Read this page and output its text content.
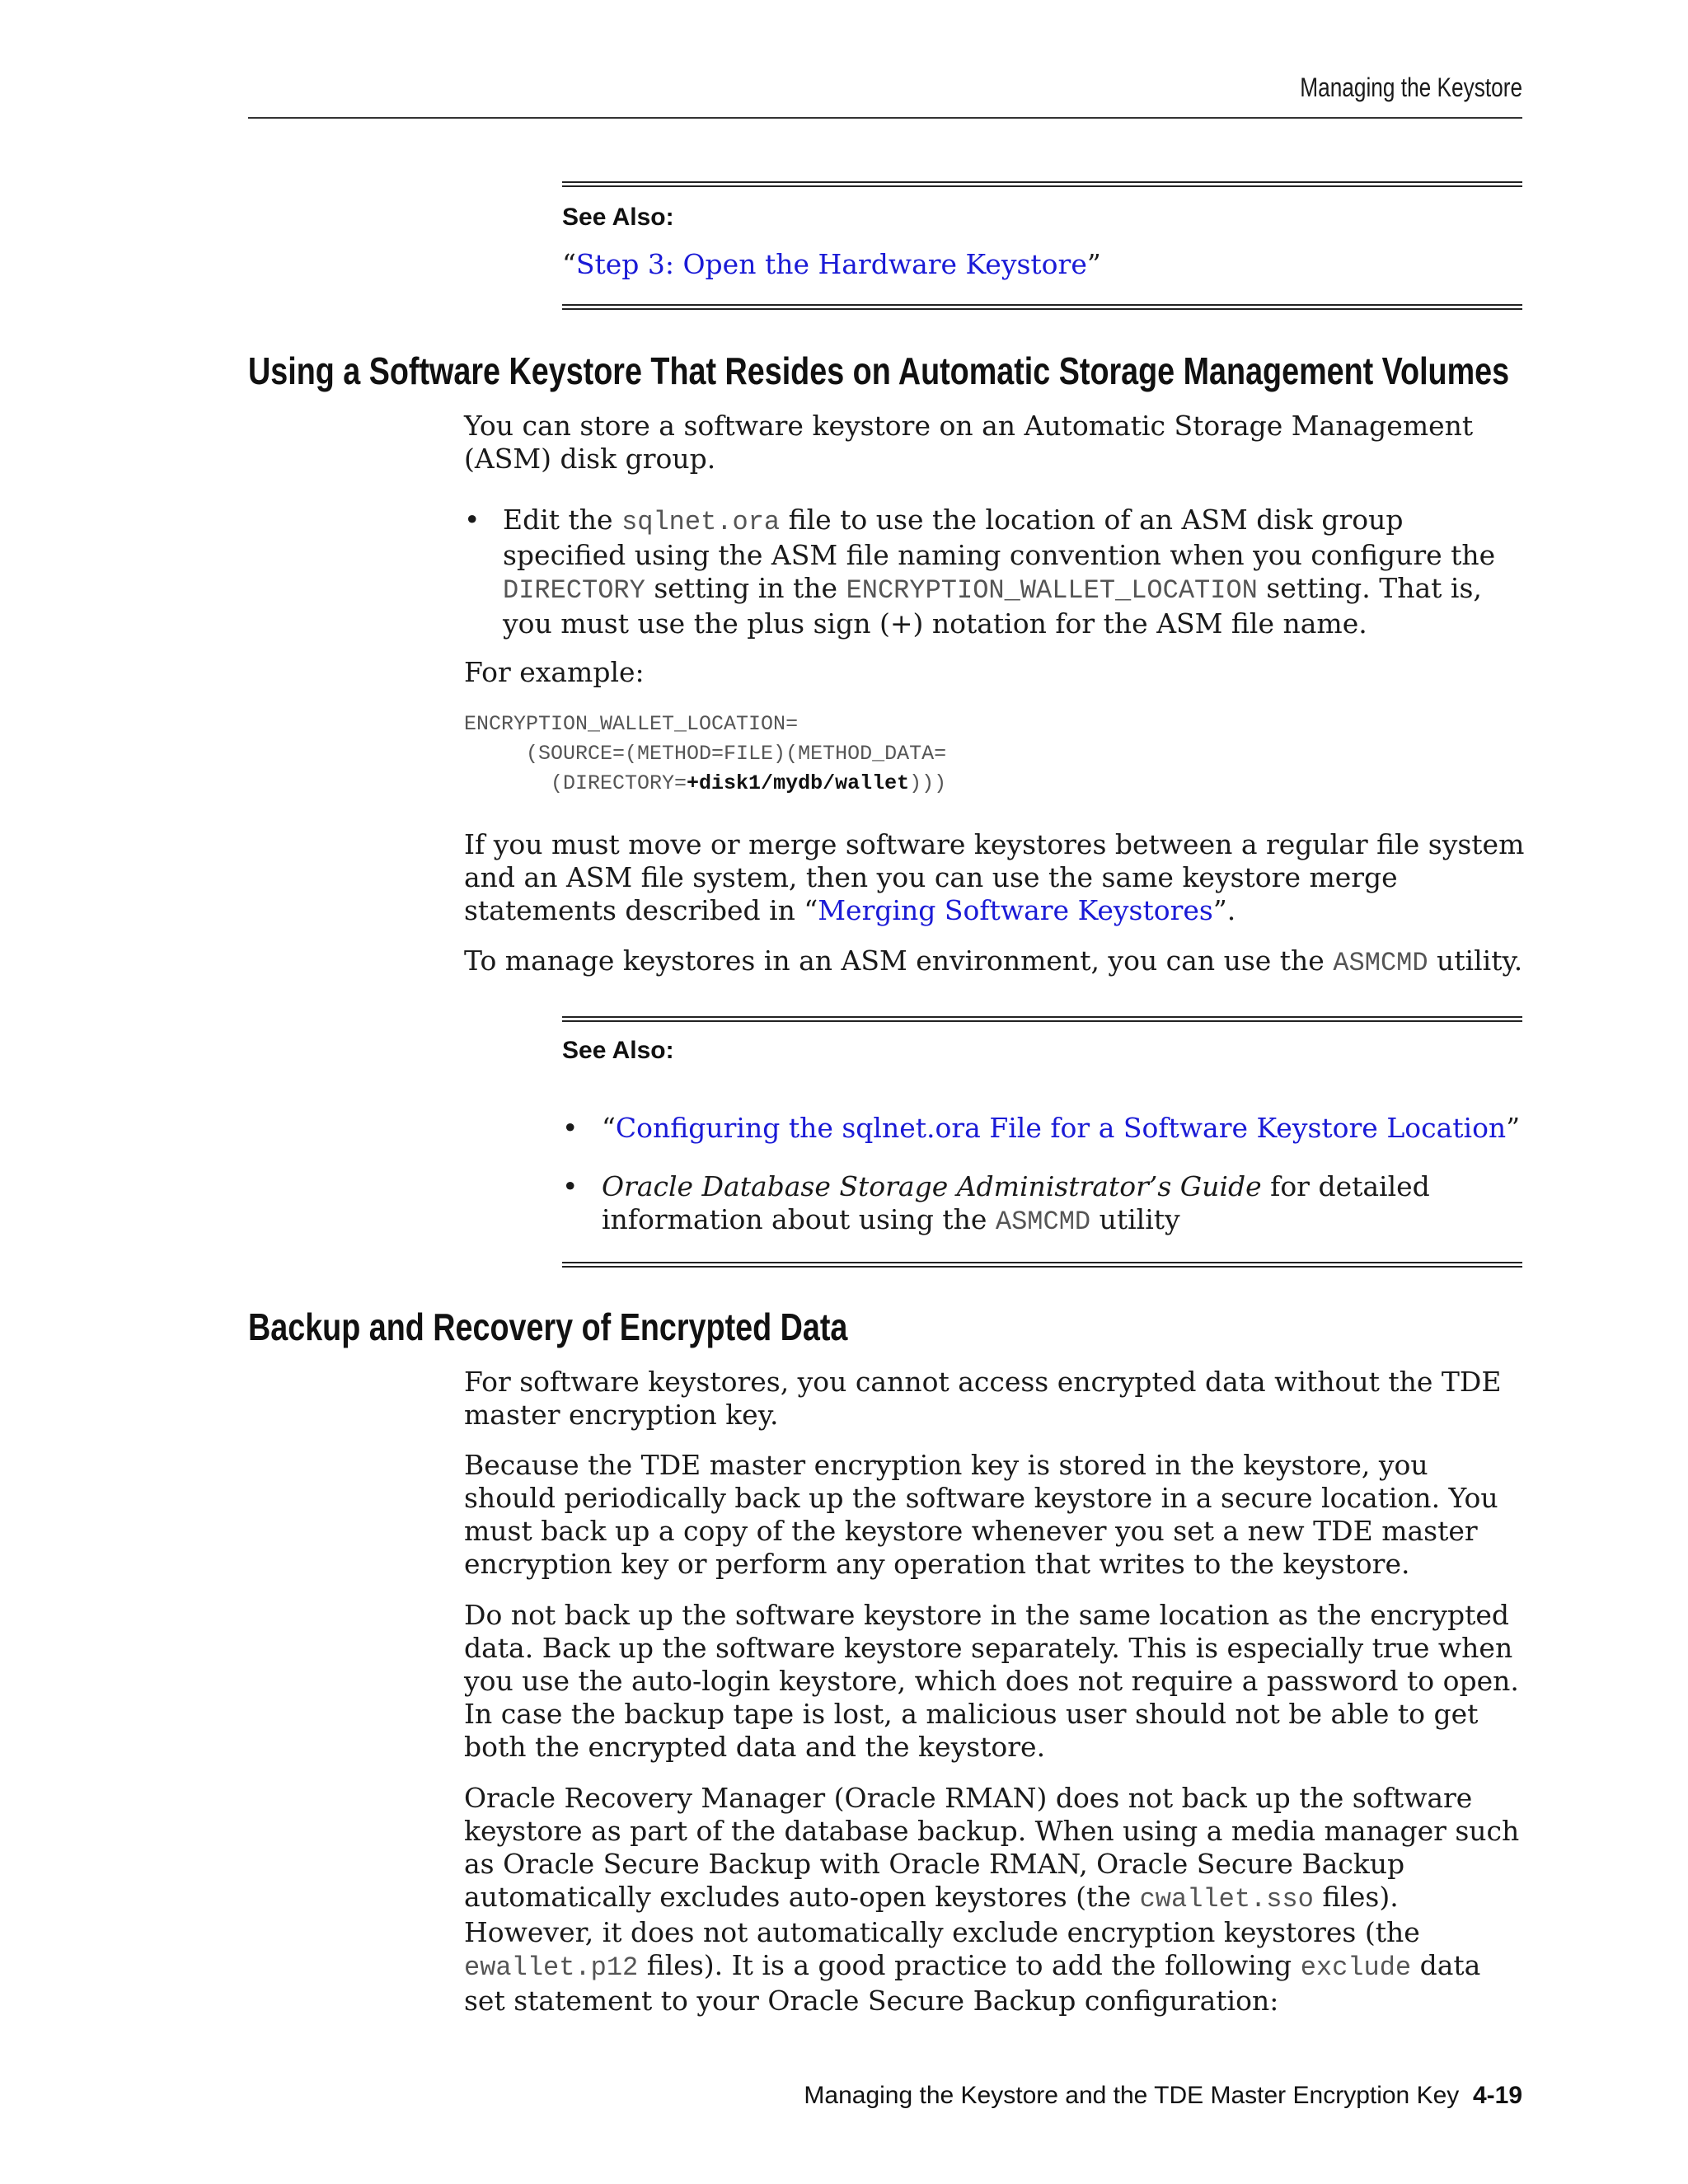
Managing the Keystore
See Also:
“Step 3: Open the Hardware Keystore”
Using a Software Keystore That Resides on Automatic Storage Management Volumes

You can store a software keystore on an Automatic Storage Management (ASM) disk group.

• Edit the sqlnet.ora file to use the location of an ASM disk group specified using the ASM file naming convention when you configure the DIRECTORY setting in the ENCRYPTION_WALLET_LOCATION setting. That is, you must use the plus sign (+) notation for the ASM file name.

For example:

ENCRYPTION_WALLET_LOCATION=
(SOURCE=(METHOD=FILE)(METHOD_DATA=
(DIRECTORY=+disk1/mydb/wallet)))

If you must move or merge software keystores between a regular file system and an ASM file system, then you can use the same keystore merge statements described in “Merging Software Keystores”.

To manage keystores in an ASM environment, you can use the ASMCMD utility.

See Also:
• “Configuring the sqlnet.ora File for a Software Keystore Location”

• Oracle Database Storage Administrator’s Guide for detailed information about using the ASMCMD utility

Backup and Recovery of Encrypted Data

For software keystores, you cannot access encrypted data without the TDE master encryption key.

Because the TDE master encryption key is stored in the keystore, you should periodically back up the software keystore in a secure location. You must back up a copy of the keystore whenever you set a new TDE master encryption key or perform any operation that writes to the keystore.

Do not back up the software keystore in the same location as the encrypted data. Back up the software keystore separately. This is especially true when you use the auto-login keystore, which does not require a password to open. In case the backup tape is lost, a malicious user should not be able to get both the encrypted data and the keystore.

Oracle Recovery Manager (Oracle RMAN) does not back up the software keystore as part of the database backup. When using a media manager such as Oracle Secure Backup with Oracle RMAN, Oracle Secure Backup automatically excludes auto-open keystores (the cwallet.sso files). However, it does not automatically exclude encryption keystores (the ewallet.p12 files). It is a good practice to add the following exclude data set statement to your Oracle Secure Backup configuration:

Managing the Keystore and the TDE Master Encryption Key 4-19
